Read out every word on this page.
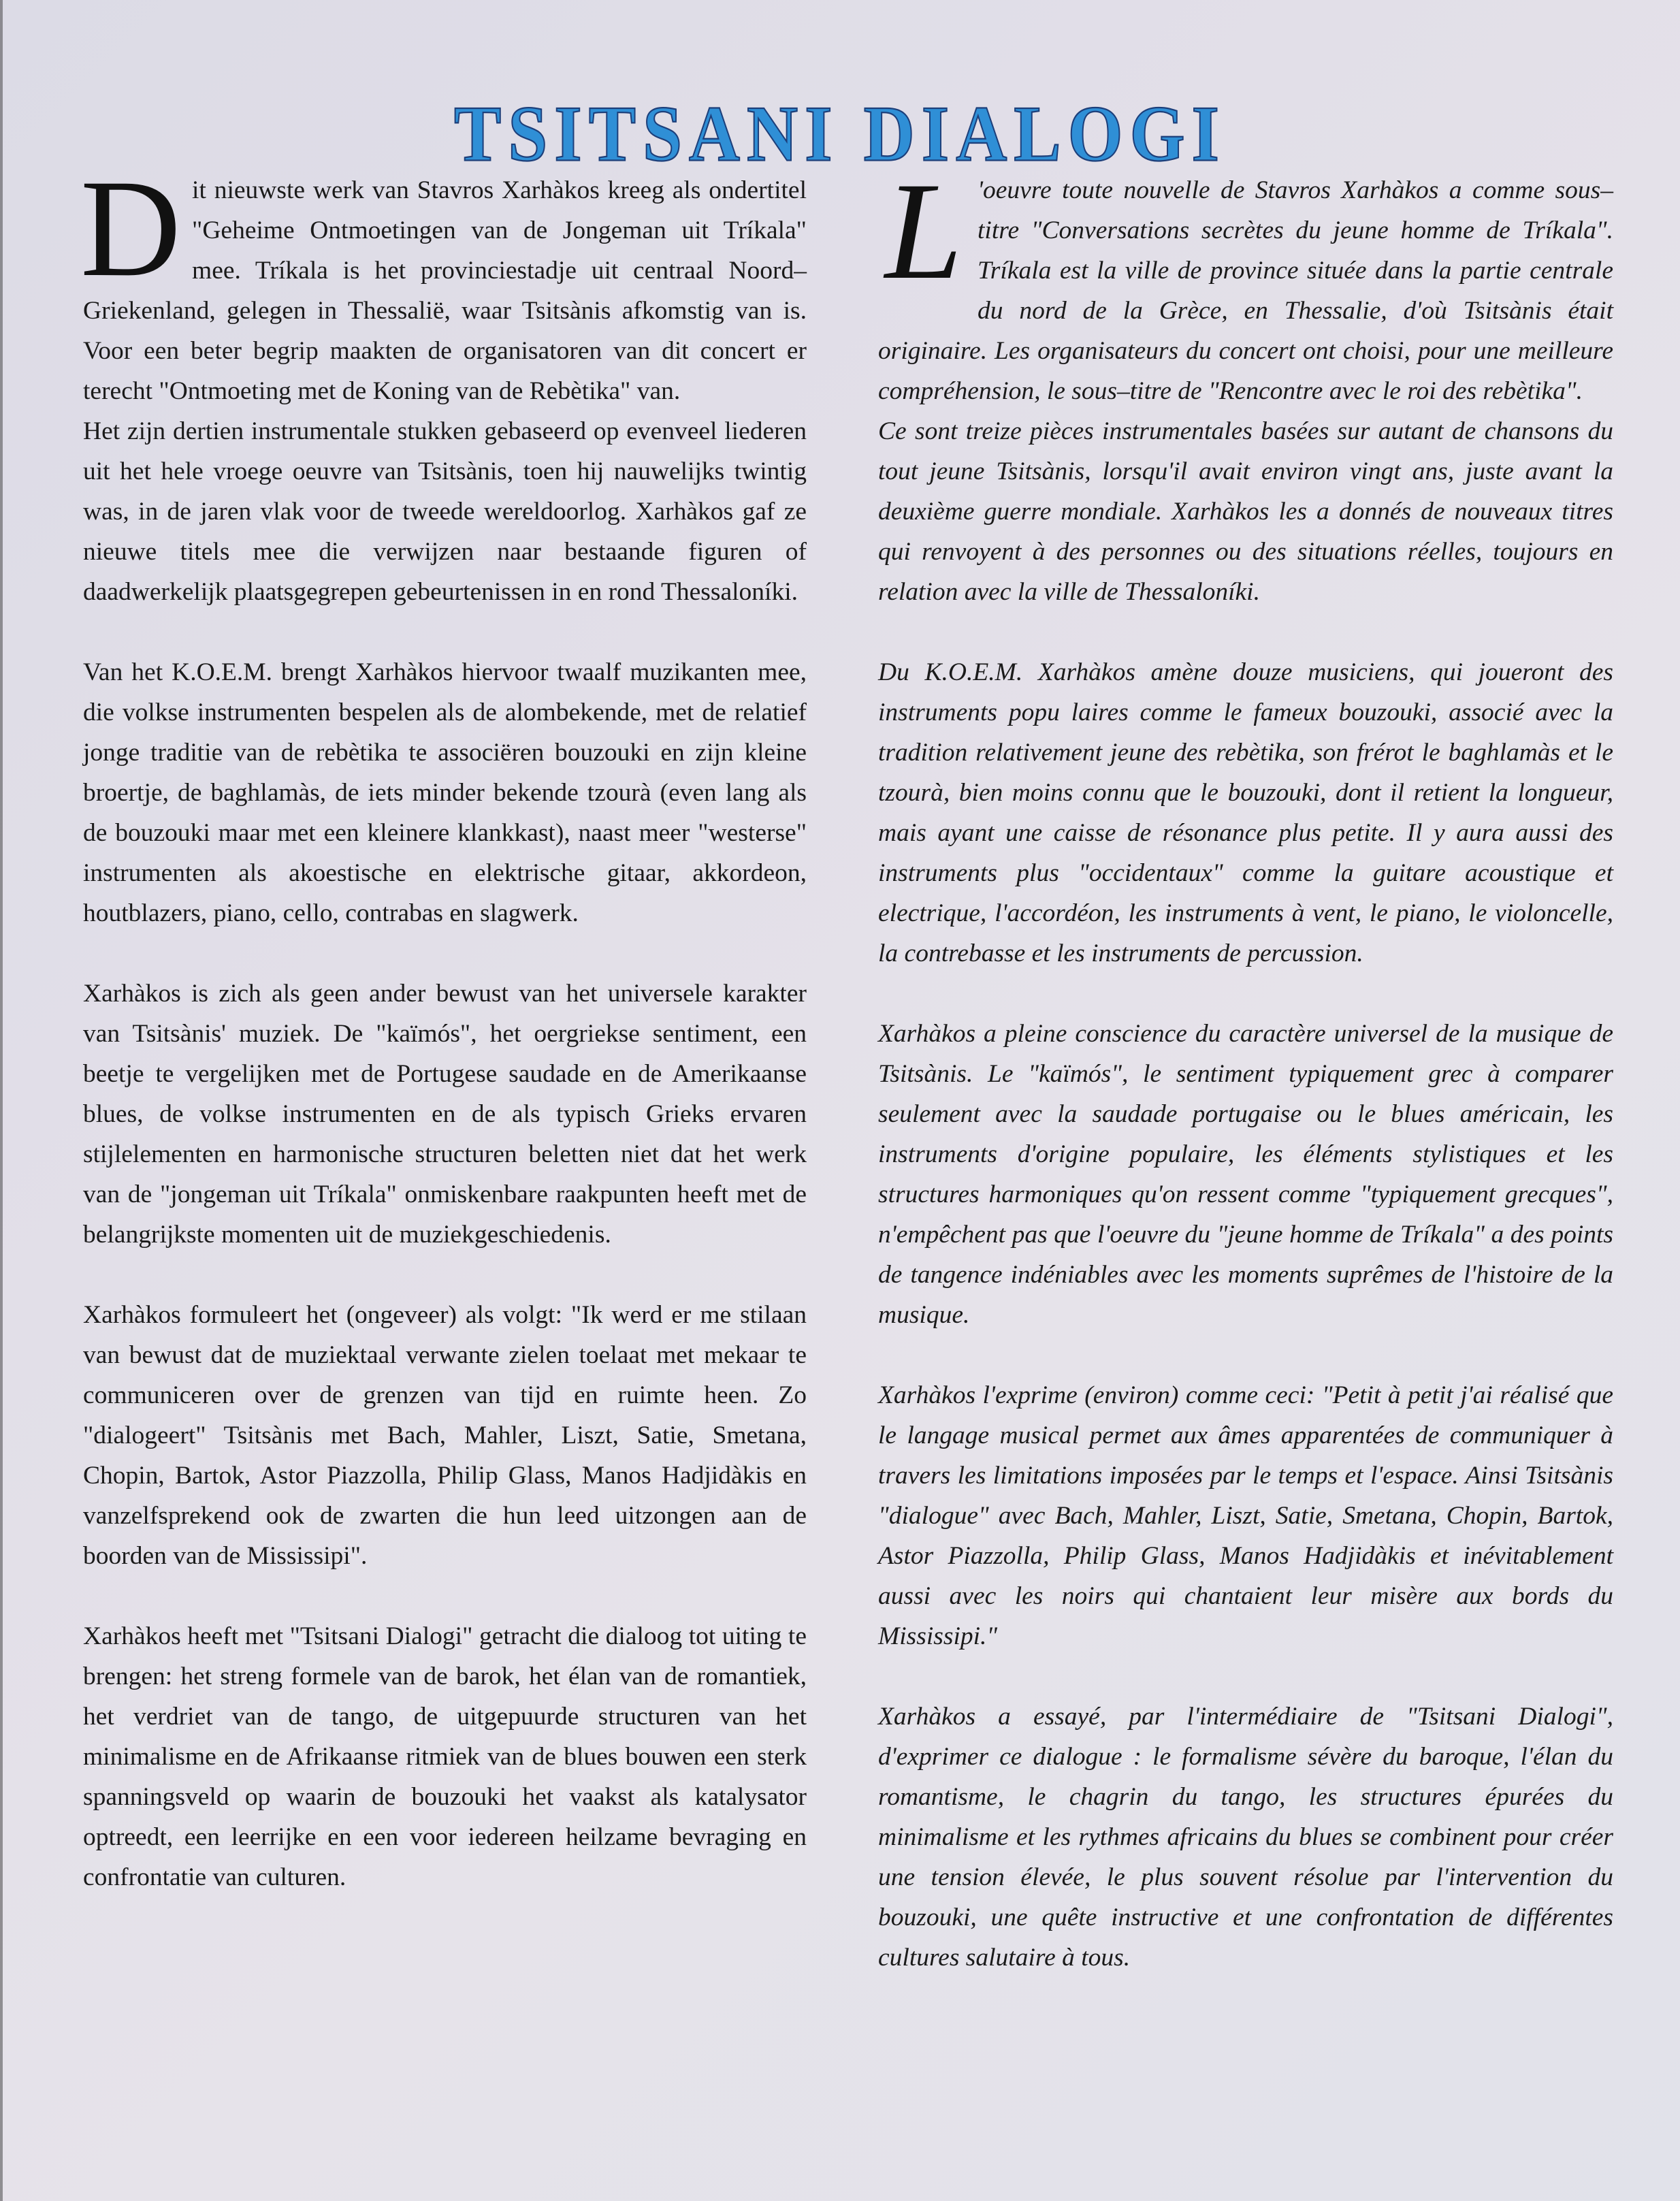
TSITSANI DIALOGI

Dit nieuwste werk van Stavros Xarhàkos kreeg als ondertitel "Geheime Ontmoetingen van de Jongeman uit Tríkala" mee. Tríkala is het provinciestadje uit centraal Noord–Griekenland, gelegen in Thessalië, waar Tsitsànis afkomstig van is. Voor een beter begrip maakten de organisatoren van dit concert er terecht "Ontmoeting met de Koning van de Rebètika" van.

Het zijn dertien instrumentale stukken gebaseerd op evenveel liederen uit het hele vroege oeuvre van Tsitsànis, toen hij nauwelijks twintig was, in de jaren vlak voor de tweede wereldoorlog. Xarhàkos gaf ze nieuwe titels mee die verwijzen naar bestaande figuren of daadwerkelijk plaatsgegrepen gebeurtenissen in en rond Thessaloníki.

Van het K.O.E.M. brengt Xarhàkos hiervoor twaalf muzikanten mee, die volkse instrumenten bespelen als de alombekende, met de relatief jonge traditie van de rebètika te associëren bouzouki en zijn kleine broertje, de baghlamàs, de iets minder bekende tzourà (even lang als de bouzouki maar met een kleinere klankkast), naast meer "westerse" instrumenten als akoestische en elektrische gitaar, akkordeon, houtblazers, piano, cello, contrabas en slagwerk.

Xarhàkos is zich als geen ander bewust van het universele karakter van Tsitsànis' muziek. De "kaïmós", het oergriekse sentiment, een beetje te vergelijken met de Portugese saudade en de Amerikaanse blues, de volkse instrumenten en de als typisch Grieks ervaren stijlelementen en harmonische structuren beletten niet dat het werk van de "jongeman uit Tríkala" onmiskenbare raakpunten heeft met de belangrijkste momenten uit de muziekgeschiedenis.

Xarhàkos formuleert het (ongeveer) als volgt: "Ik werd er me stilaan van bewust dat de muziektaal verwante zielen toelaat met mekaar te communiceren over de grenzen van tijd en ruimte heen. Zo "dialogeert" Tsitsànis met Bach, Mahler, Liszt, Satie, Smetana, Chopin, Bartok, Astor Piazzolla, Philip Glass, Manos Hadjidàkis en vanzelfsprekend ook de zwarten die hun leed uitzongen aan de boorden van de Mississipi".

Xarhàkos heeft met "Tsitsani Dialogi" getracht die dialoog tot uiting te brengen: het streng formele van de barok, het élan van de romantiek, het verdriet van de tango, de uitgepuurde structuren van het minimalisme en de Afrikaanse ritmiek van de blues bouwen een sterk spanningsveld op waarin de bouzouki het vaakst als katalysator optreedt, een leerrijke en een voor iedereen heilzame bevraging en confrontatie van culturen.

L 'oeuvre toute nouvelle de Stavros Xarhàkos a comme sous–titre "Conversations secrètes du jeune homme de Tríkala". Tríkala est la ville de province située dans la partie centrale du nord de la Grèce, en Thessalie, d'où Tsitsànis était originaire. Les organisateurs du concert ont choisi, pour une meilleure compréhension, le sous–titre de "Rencontre avec le roi des rebètika".

Ce sont treize pièces instrumentales basées sur autant de chansons du tout jeune Tsitsànis, lorsqu'il avait environ vingt ans, juste avant la deuxième guerre mondiale. Xarhàkos les a donnés de nouveaux titres qui renvoyent à des personnes ou des situations réelles, toujours en relation avec la ville de Thessaloníki.

Du K.O.E.M. Xarhàkos amène douze musiciens, qui joueront des instruments popu laires comme le fameux bouzouki, associé avec la tradition relativement jeune des rebètika, son frérot le baghlamàs et le tzourà, bien moins connu que le bouzouki, dont il retient la longueur, mais ayant une caisse de résonance plus petite. Il y aura aussi des instruments plus "occidentaux" comme la guitare acoustique et electrique, l'accordéon, les instruments à vent, le piano, le violoncelle, la contrebasse et les instruments de percussion.

Xarhàkos a pleine conscience du caractère universel de la musique de Tsitsànis. Le "kaïmós", le sentiment typiquement grec à comparer seulement avec la saudade portugaise ou le blues américain, les instruments d'origine populaire, les éléments stylistiques et les structures harmoniques qu'on ressent comme "typiquement grecques", n'empêchent pas que l'oeuvre du "jeune homme de Tríkala" a des points de tangence indéniables avec les moments suprêmes de l'histoire de la musique.

Xarhàkos l'exprime (environ) comme ceci: "Petit à petit j'ai réalisé que le langage musical permet aux âmes apparentées de communiquer à travers les limitations imposées par le temps et l'espace. Ainsi Tsitsànis "dialogue" avec Bach, Mahler, Liszt, Satie, Smetana, Chopin, Bartok, Astor Piazzolla, Philip Glass, Manos Hadjidàkis et inévitablement aussi avec les noirs qui chantaient leur misère aux bords du Mississipi."

Xarhàkos a essayé, par l'intermédiaire de "Tsitsani Dialogi", d'exprimer ce dialogue : le formalisme sévère du baroque, l'élan du romantisme, le chagrin du tango, les structures épurées du minimalisme et les rythmes africains du blues se combinent pour créer une tension élevée, le plus souvent résolue par l'intervention du bouzouki, une quête instructive et une confrontation de différentes cultures salutaire à tous.
